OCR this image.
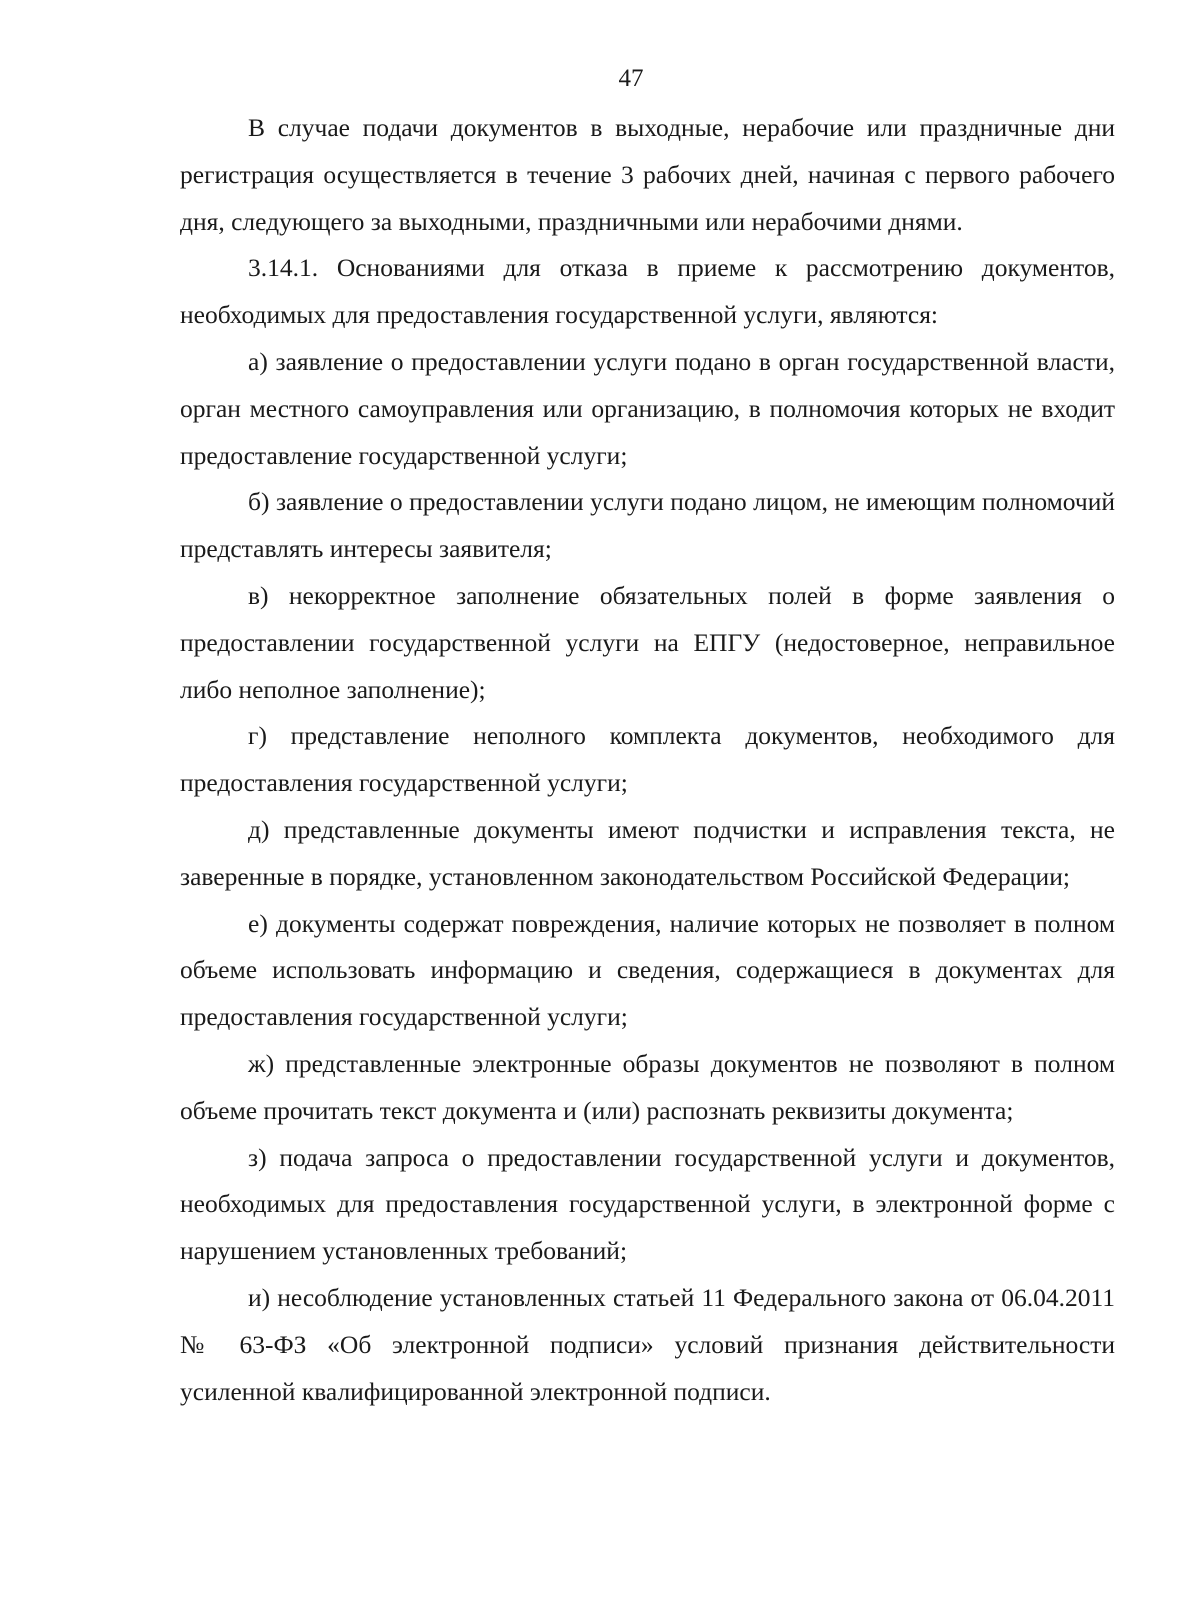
47

В случае подачи документов в выходные, нерабочие или праздничные дни регистрация осуществляется в течение 3 рабочих дней, начиная с первого рабочего дня, следующего за выходными, праздничными или нерабочими днями.

3.14.1. Основаниями для отказа в приеме к рассмотрению документов, необходимых для предоставления государственной услуги, являются:

а) заявление о предоставлении услуги подано в орган государственной власти, орган местного самоуправления или организацию, в полномочия которых не входит предоставление государственной услуги;

б) заявление о предоставлении услуги подано лицом, не имеющим полномочий представлять интересы заявителя;

в) некорректное заполнение обязательных полей в форме заявления о предоставлении государственной услуги на ЕПГУ (недостоверное, неправильное либо неполное заполнение);

г) представление неполного комплекта документов, необходимого для предоставления государственной услуги;

д) представленные документы имеют подчистки и исправления текста, не заверенные в порядке, установленном законодательством Российской Федерации;

е) документы содержат повреждения, наличие которых не позволяет в полном объеме использовать информацию и сведения, содержащиеся в документах для предоставления государственной услуги;

ж) представленные электронные образы документов не позволяют в полном объеме прочитать текст документа и (или) распознать реквизиты документа;

з) подача запроса о предоставлении государственной услуги и документов, необходимых для предоставления государственной услуги, в электронной форме с нарушением установленных требований;

и) несоблюдение установленных статьей 11 Федерального закона от 06.04.2011 № 63-ФЗ «Об электронной подписи» условий признания действительности усиленной квалифицированной электронной подписи.
